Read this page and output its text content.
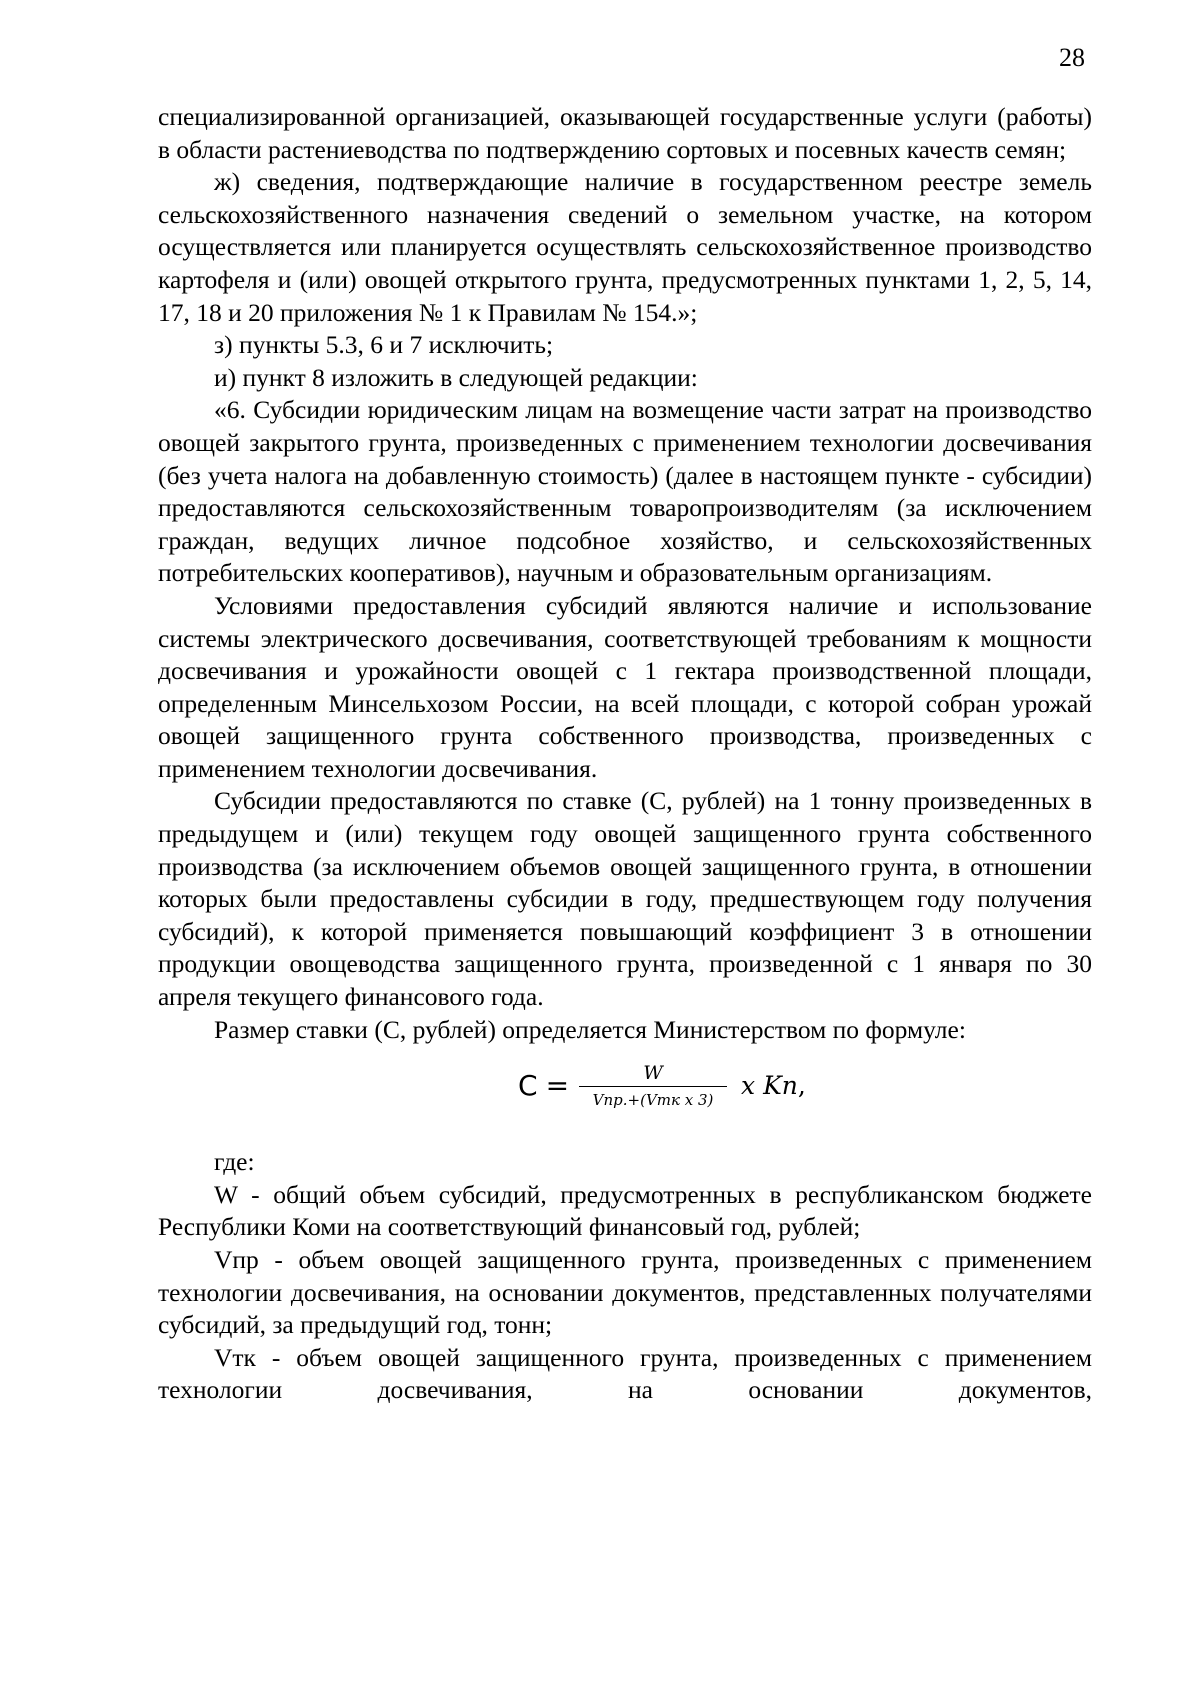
28

специализированной организацией, оказывающей государственные услуги (работы) в области растениеводства по подтверждению сортовых и посевных качеств семян;

ж) сведения, подтверждающие наличие в государственном реестре земель сельскохозяйственного назначения сведений о земельном участке, на котором осуществляется или планируется осуществлять сельскохозяйственное производство картофеля и (или) овощей открытого грунта, предусмотренных пунктами 1, 2, 5, 14, 17, 18 и 20 приложения № 1 к Правилам № 154.»;

з) пункты 5.3, 6 и 7 исключить;

и) пункт 8 изложить в следующей редакции:

«6. Субсидии юридическим лицам на возмещение части затрат на производство овощей закрытого грунта, произведенных с применением технологии досвечивания (без учета налога на добавленную стоимость) (далее в настоящем пункте - субсидии) предоставляются сельскохозяйственным товаропроизводителям (за исключением граждан, ведущих личное подсобное хозяйство, и сельскохозяйственных потребительских кооперативов), научным и образовательным организациям.

Условиями предоставления субсидий являются наличие и использование системы электрического досвечивания, соответствующей требованиям к мощности досвечивания и урожайности овощей с 1 гектара производственной площади, определенным Минсельхозом России, на всей площади, с которой собран урожай овощей защищенного грунта собственного производства, произведенных с применением технологии досвечивания.

Субсидии предоставляются по ставке (С, рублей) на 1 тонну произведенных в предыдущем и (или) текущем году овощей защищенного грунта собственного производства (за исключением объемов овощей защищенного грунта, в отношении которых были предоставлены субсидии в году, предшествующем году получения субсидий), к которой применяется повышающий коэффициент 3 в отношении продукции овощеводства защищенного грунта, произведенной с 1 января по 30 апреля текущего финансового года.

Размер ставки (С, рублей) определяется Министерством по формуле:

$C = \frac{W}{\text{Vпр.+(Vтк x 3)}}$ x Kп,

где:

W - общий объем субсидий, предусмотренных в республиканском бюджете Республики Коми на соответствующий финансовый год, рублей;

Vпр - объем овощей защищенного грунта, произведенных с применением технологии досвечивания, на основании документов, представленных получателями субсидий, за предыдущий год, тонн;

Vтк - объем овощей защищенного грунта, произведенных с применением технологии досвечивания, на основании документов,
